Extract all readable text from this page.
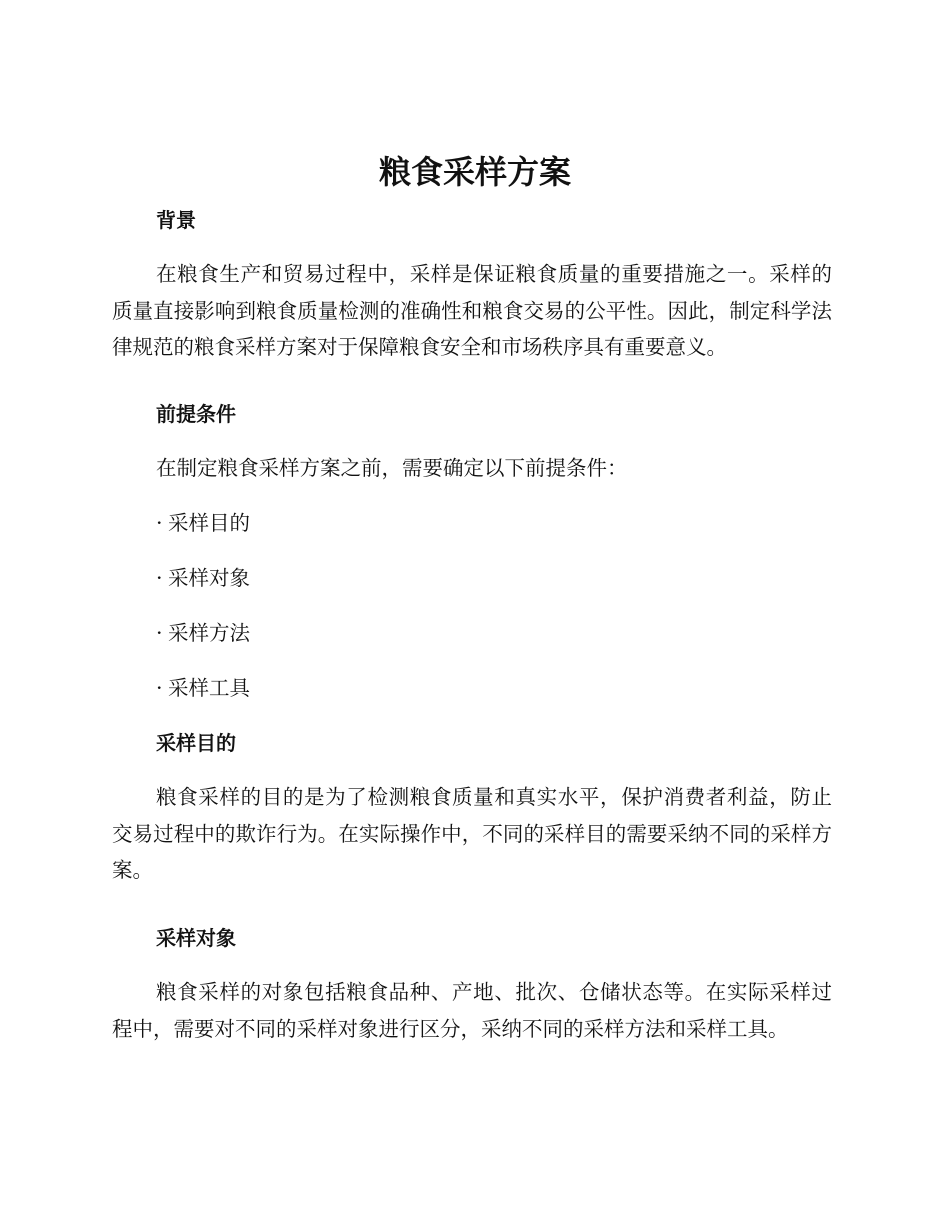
粮食采样方案
背景

在粮食生产和贸易过程中，采样是保证粮食质量的重要措施之一。采样的质量直接影响到粮食质量检测的准确性和粮食交易的公平性。因此，制定科学法律规范的粮食采样方案对于保障粮食安全和市场秩序具有重要意义。

前提条件

在制定粮食采样方案之前，需要确定以下前提条件：

· 采样目的
· 采样对象
· 采样方法
· 采样工具
采样目的

粮食采样的目的是为了检测粮食质量和真实水平，保护消费者利益，防止交易过程中的欺诈行为。在实际操作中，不同的采样目的需要采纳不同的采样方案。

采样对象

粮食采样的对象包括粮食品种、产地、批次、仓储状态等。在实际采样过程中，需要对不同的采样对象进行区分，采纳不同的采样方法和采样工具。
